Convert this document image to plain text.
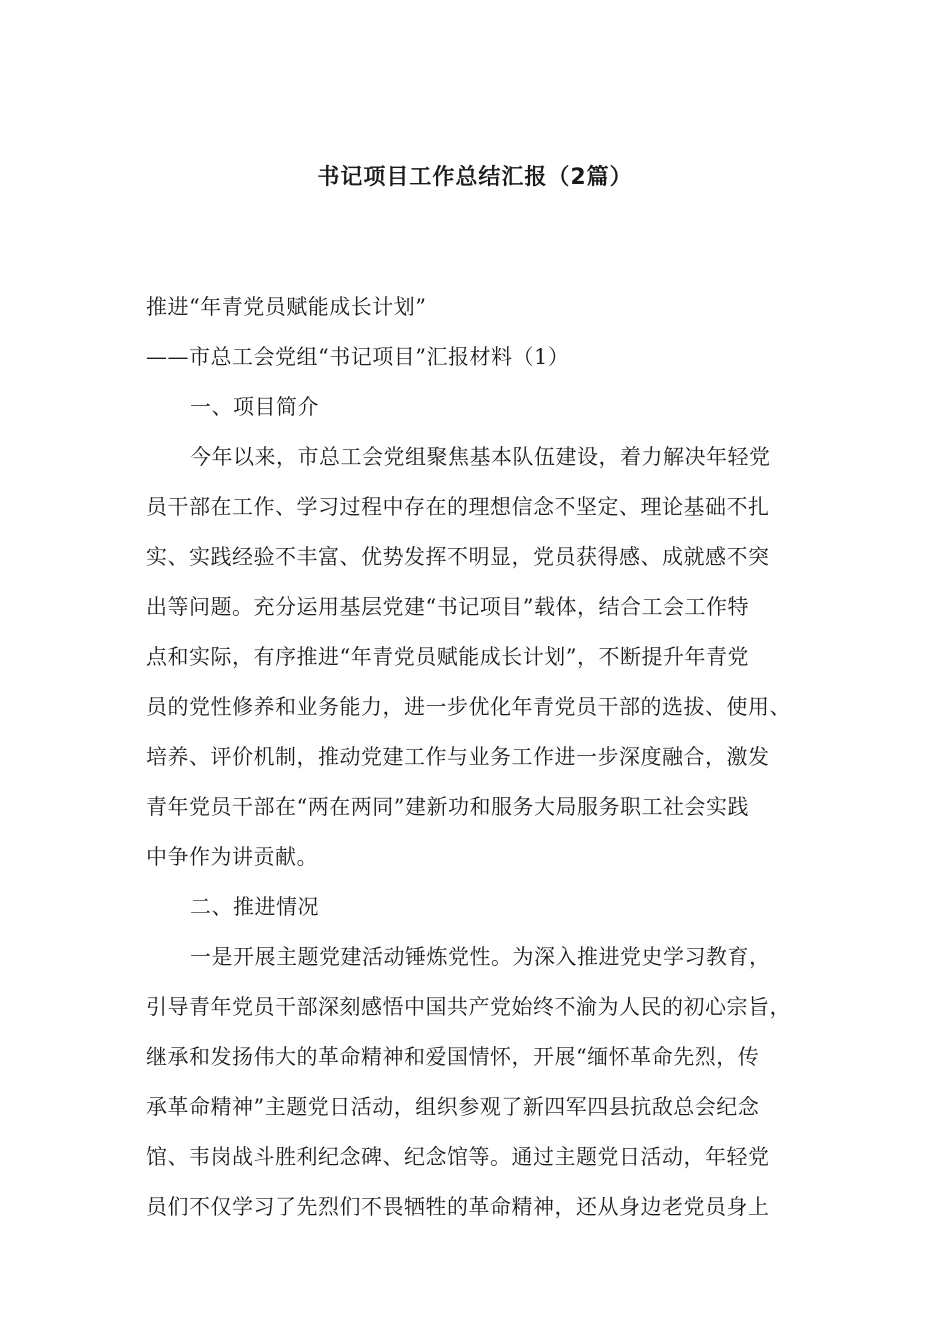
书记项目工作总结汇报（2篇）
推进“年青党员赋能成长计划”
——市总工会党组“书记项目”汇报材料（1）
一、项目简介
今年以来，市总工会党组聚焦基本队伍建设，着力解决年轻党
员干部在工作、学习过程中存在的理想信念不坚定、理论基础不扎
实、实践经验不丰富、优势发挥不明显，党员获得感、成就感不突
出等问题。充分运用基层党建“书记项目”载体，结合工会工作特
点和实际，有序推进“年青党员赋能成长计划”，不断提升年青党
员的党性修养和业务能力，进一步优化年青党员干部的选拔、使用、
培养、评价机制，推动党建工作与业务工作进一步深度融合，激发
青年党员干部在“两在两同”建新功和服务大局服务职工社会实践
中争作为讲贡献。
二、推进情况
一是开展主题党建活动锤炼党性。为深入推进党史学习教育，
引导青年党员干部深刻感悟中国共产党始终不渝为人民的初心宗旨，
继承和发扬伟大的革命精神和爱国情怀，开展“缅怀革命先烈，传
承革命精神”主题党日活动，组织参观了新四军四县抗敌总会纪念
馆、韦岗战斗胜利纪念碑、纪念馆等。通过主题党日活动，年轻党
员们不仅学习了先烈们不畏牺牲的革命精神，还从身边老党员身上
